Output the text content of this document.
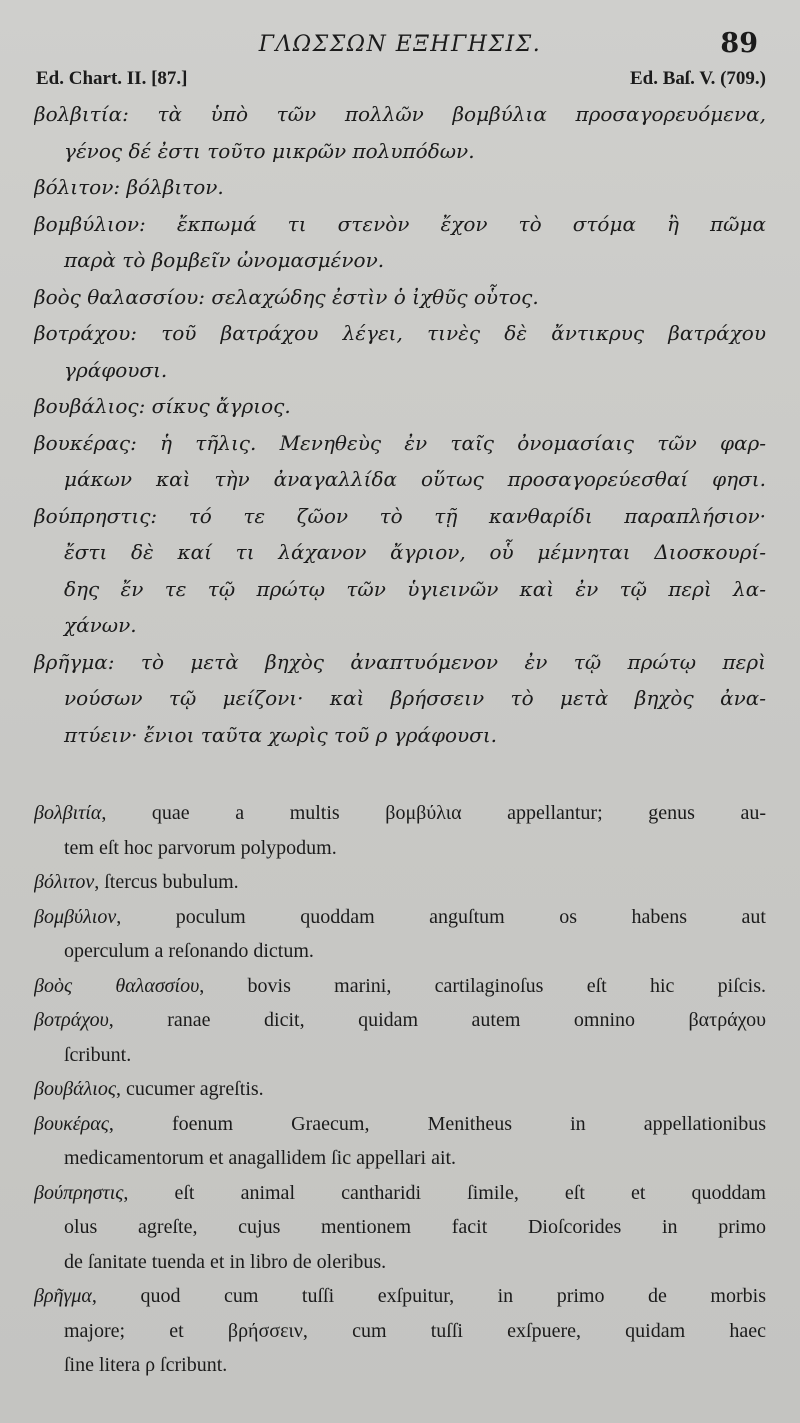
ΓΛΩΣΣΩΝ ΕΞΗΓΗΣΙΣ.	89
Ed. Chart. II. [87.]	Ed. Baſ. V. (709.)
βολβιτία: τὰ ὑπὸ τῶν πολλῶν βομβύλια προσαγορευόμενα,
γένος δέ ἐστι τοῦτο μικρῶν πολυπόδων.
βόλιτον: βόλβιτον.
βομβύλιον: ἔκπωμά τι στενὸν ἔχον τὸ στόμα ἢ πῶμα
παρὰ τὸ βομβεῖν ὠνομασμένον.
βοὸς θαλασσίου: σελαχώδης ἐστὶν ὁ ἰχθῦς οὗτος.
βοτράχου: τοῦ βατράχου λέγει, τινὲς δὲ ἄντικρυς βατράχου
γράφουσι.
βουβάλιος: σίκυς ἄγριος.
βουκέρας: ἡ τῆλις. Μενηθεὺς ἐν ταῖς ὀνομασίαις τῶν φαρ-
μάκων καὶ τὴν ἀναγαλλίδα οὕτως προσαγορεύεσθαί φησι.
βούπρηστις: τό τε ζῶον τὸ τῇ κανθαρίδι παραπλήσιον·
ἔστι δὲ καί τι λάχανον ἄγριον, οὗ μέμνηται Διοσκουρί-
δης ἔν τε τῷ πρώτῳ τῶν ὑγιεινῶν καὶ ἐν τῷ περὶ λα-
χάνων.
βρῆγμα: τὸ μετὰ βηχὸς ἀναπτυόμενον ἐν τῷ πρώτῳ περὶ
νούσων τῷ μείζονι· καὶ βρήσσειν τὸ μετὰ βηχὸς ἀνα-
πτύειν· ἔνιοι ταῦτα χωρὶς τοῦ ρ γράφουσι.
βολβιτία, quae a multis βομβύλια appellantur; genus au-
tem eſt hoc parvorum polypodum.
βόλιτον, ſtercus bubulum.
βομβύλιον, poculum quoddam anguſtum os habens aut
operculum a reſonando dictum.
βοὸς θαλασσίου, bovis marini, cartilaginoſus eſt hic piſcis.
βοτράχου, ranae dicit, quidam autem omnino βατράχου
ſcribunt.
βουβάλιος, cucumer agreſtis.
βουκέρας, foenum Graecum, Menitheus in appellationibus
medicamentorum et anagallidem ſic appellari ait.
βούπρηστις, eſt animal cantharidi ſimile, eſt et quoddam
olus agreſte, cujus mentionem facit Dioſcorides in primo
de ſanitate tuenda et in libro de oleribus.
βρῆγμα, quod cum tuſſi exſpuitur, in primo de morbis
majore; et βρήσσειν, cum tuſſi exſpuere, quidam haec
ſine litera ρ ſcribunt.
